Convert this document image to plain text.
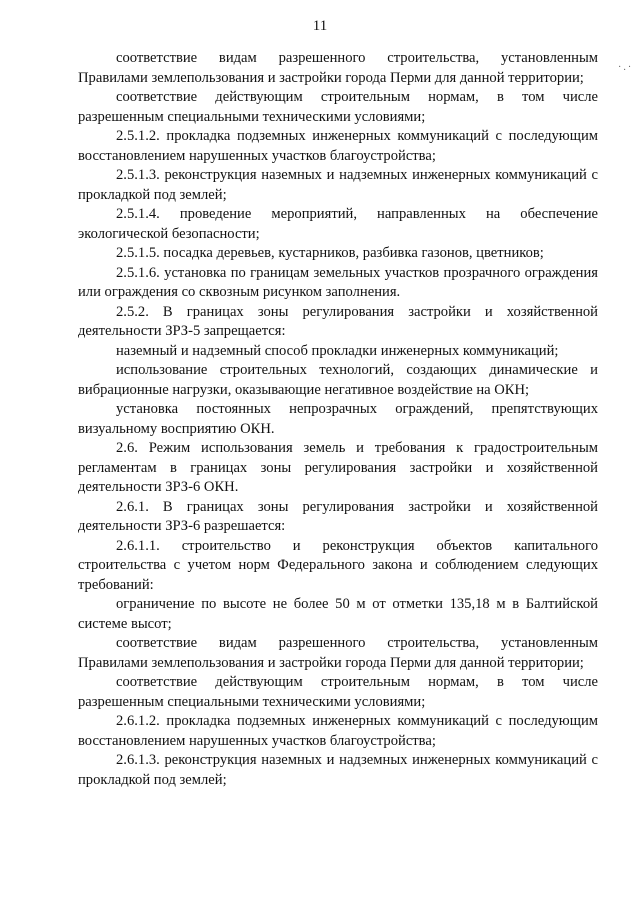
11
·.·

соответствие видам разрешенного строительства, установленным Правилами землепользования и застройки города Перми для данной территории;

соответствие действующим строительным нормам, в том числе разрешенным специальными техническими условиями;

2.5.1.2. прокладка подземных инженерных коммуникаций с последующим восстановлением нарушенных участков благоустройства;

2.5.1.3. реконструкция наземных и надземных инженерных коммуникаций с прокладкой под землей;

2.5.1.4. проведение мероприятий, направленных на обеспечение экологической безопасности;

2.5.1.5. посадка деревьев, кустарников, разбивка газонов, цветников;

2.5.1.6. установка по границам земельных участков прозрачного ограждения или ограждения со сквозным рисунком заполнения.

2.5.2. В границах зоны регулирования застройки и хозяйственной деятельности ЗРЗ-5 запрещается:

наземный и надземный способ прокладки инженерных коммуникаций;

использование строительных технологий, создающих динамические и вибрационные нагрузки, оказывающие негативное воздействие на ОКН;

установка постоянных непрозрачных ограждений, препятствующих визуальному восприятию ОКН.

2.6. Режим использования земель и требования к градостроительным регламентам в границах зоны регулирования застройки и хозяйственной деятельности ЗРЗ-6 ОКН.

2.6.1. В границах зоны регулирования застройки и хозяйственной деятельности ЗРЗ-6 разрешается:

2.6.1.1. строительство и реконструкция объектов капитального строительства с учетом норм Федерального закона и соблюдением следующих требований:

ограничение по высоте не более 50 м от отметки 135,18 м в Балтийской системе высот;

соответствие видам разрешенного строительства, установленным Правилами землепользования и застройки города Перми для данной территории;

соответствие действующим строительным нормам, в том числе разрешенным специальными техническими условиями;

2.6.1.2. прокладка подземных инженерных коммуникаций с последующим восстановлением нарушенных участков благоустройства;

2.6.1.3. реконструкция наземных и надземных инженерных коммуникаций с прокладкой под землей;
